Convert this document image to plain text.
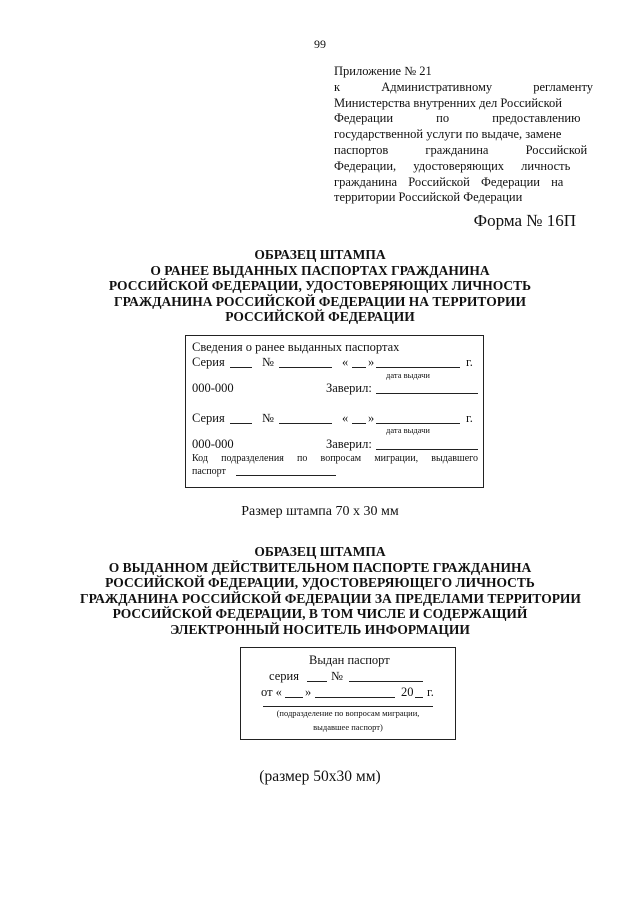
99
Приложение № 21
к Административному регламенту
Министерства внутренних дел Российской
Федерации по предоставлению
государственной услуги по выдаче, замене
паспортов гражданина Российской
Федерации, удостоверяющих личность
гражданина Российской Федерации на
территории Российской Федерации
Форма № 16П
ОБРАЗЕЦ ШТАМПА
О РАНЕЕ ВЫДАННЫХ ПАСПОРТАХ ГРАЖДАНИНА
РОССИЙСКОЙ ФЕДЕРАЦИИ, УДОСТОВЕРЯЮЩИХ ЛИЧНОСТЬ
ГРАЖДАНИНА РОССИЙСКОЙ ФЕДЕРАЦИИ НА ТЕРРИТОРИИ
РОССИЙСКОЙ ФЕДЕРАЦИИ
Сведения о ранее выданных паспортах
Серия	№	« »	г.
дата выдачи
000-000	Заверил:
Серия	№	« »	г.
дата выдачи
000-000	Заверил:
Код подразделения по вопросам миграции, выдавшего
паспорт
Размер штампа 70 х 30 мм
ОБРАЗЕЦ ШТАМПА
О ВЫДАННОМ ДЕЙСТВИТЕЛЬНОМ ПАСПОРТЕ ГРАЖДАНИНА
РОССИЙСКОЙ ФЕДЕРАЦИИ, УДОСТОВЕРЯЮЩЕГО ЛИЧНОСТЬ
ГРАЖДАНИНА РОССИЙСКОЙ ФЕДЕРАЦИИ ЗА ПРЕДЕЛАМИ ТЕРРИТОРИИ
РОССИЙСКОЙ ФЕДЕРАЦИИ, В ТОМ ЧИСЛЕ И СОДЕРЖАЩИЙ
ЭЛЕКТРОННЫЙ НОСИТЕЛЬ ИНФОРМАЦИИ
Выдан паспорт
серия	№
от « »	20 г.
(подразделение по вопросам миграции,
выдавшее паспорт)
(размер 50х30 мм)
